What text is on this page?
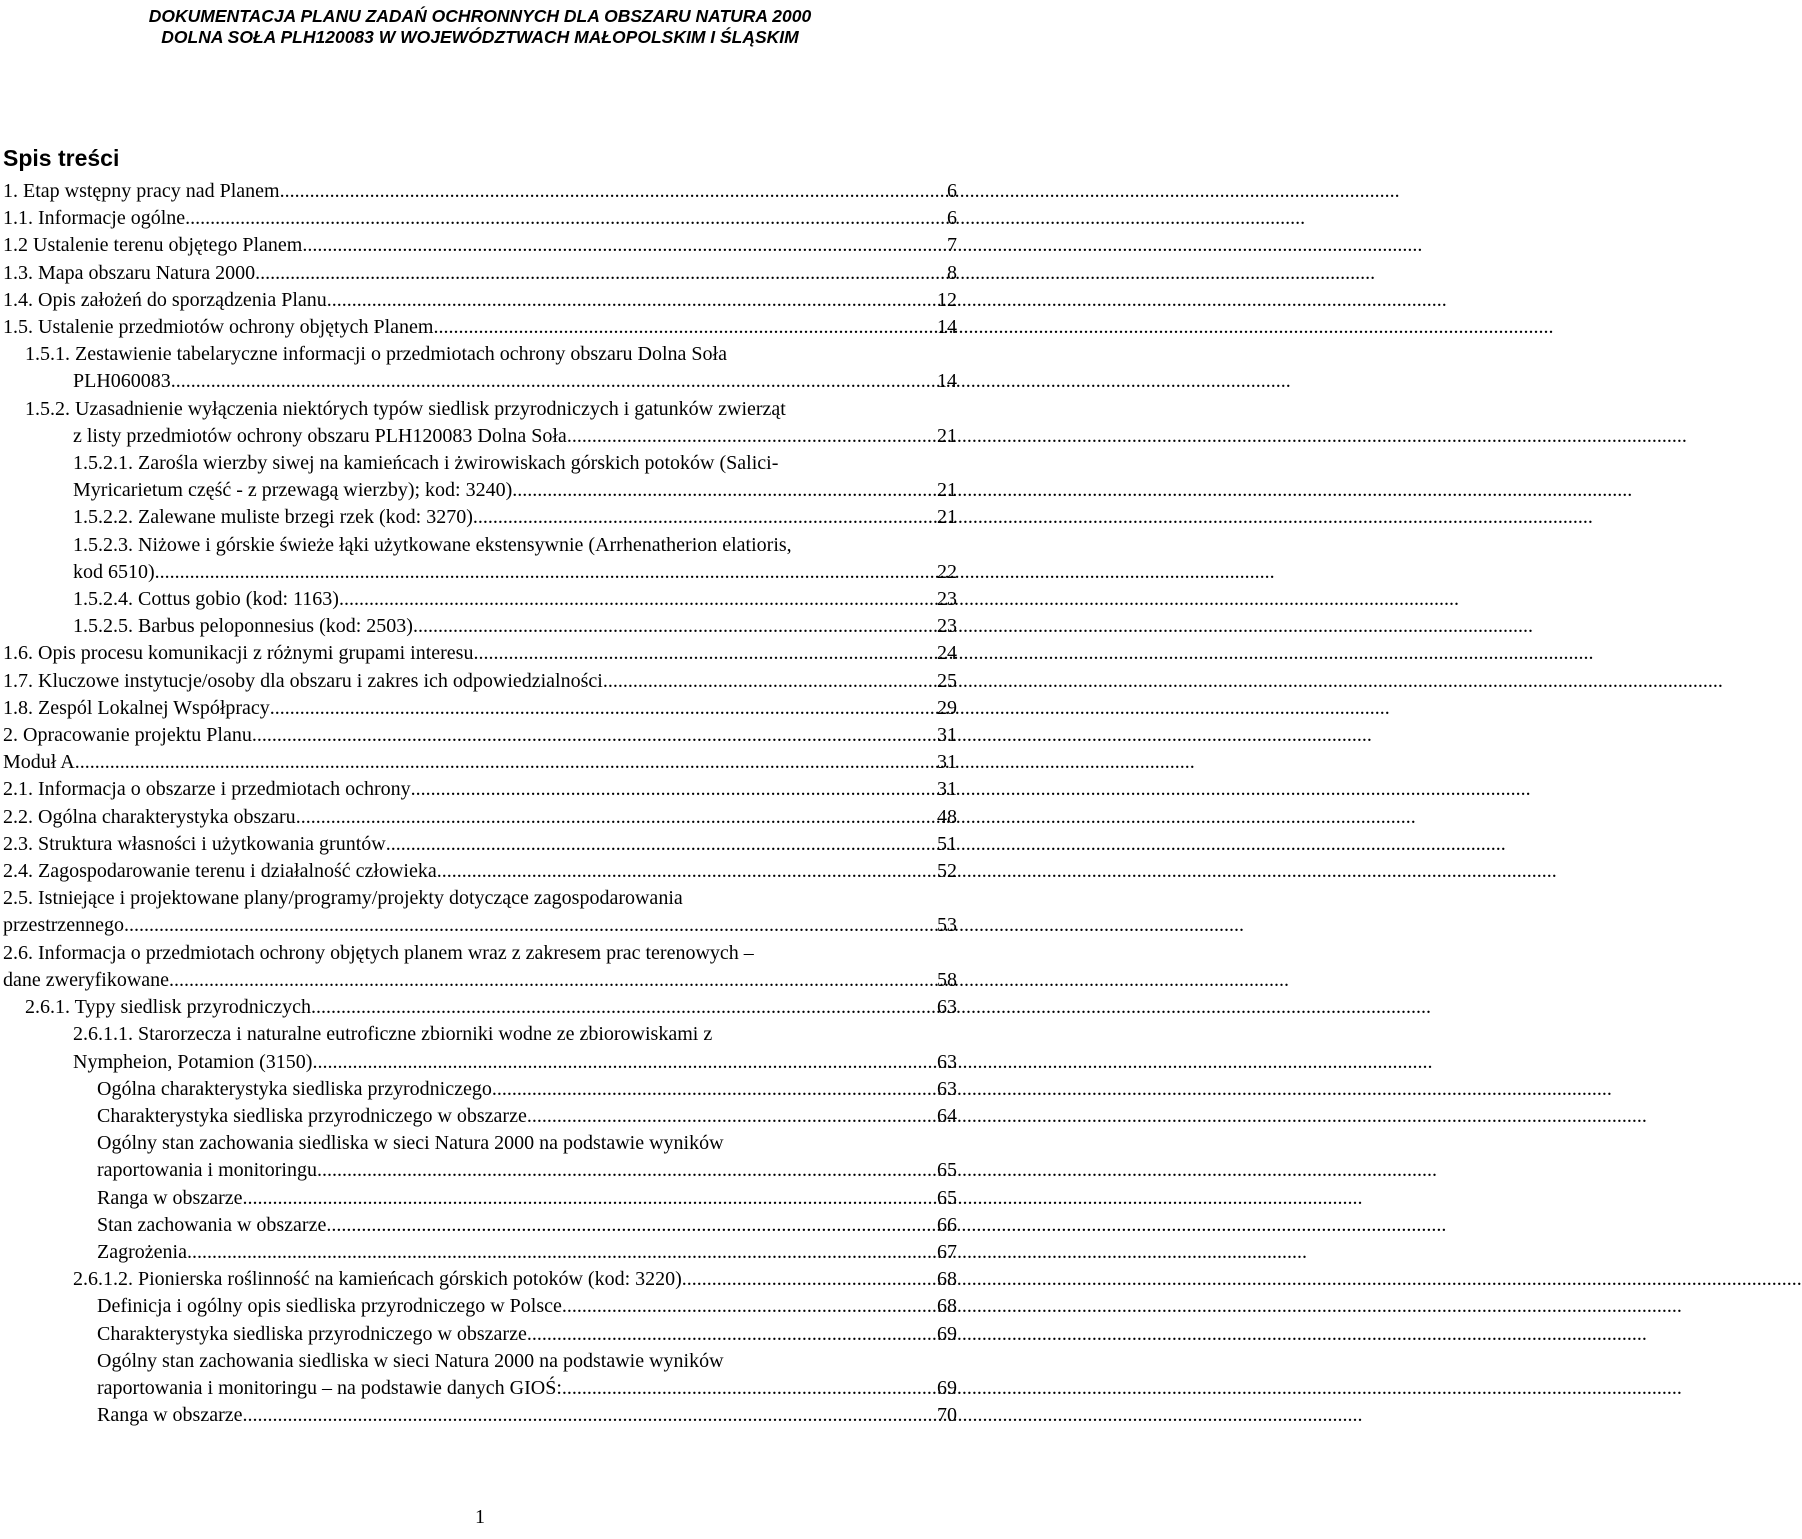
DOKUMENTACJA PLANU ZADAŃ OCHRONNYCH DLA OBSZARU NATURA 2000
DOLNA SOŁA PLH120083 W WOJEWÓDZTWACH MAŁOPOLSKIM I ŚLĄSKIM
Spis treści
1. Etap wstępny pracy nad Planem .....	6
1.1. Informacje ogólne .....	6
1.2 Ustalenie terenu objętego Planem .....	7
1.3. Mapa obszaru Natura 2000 .....	8
1.4. Opis założeń do sporządzenia Planu .....	12
1.5. Ustalenie przedmiotów ochrony objętych Planem .....	14
1.5.1. Zestawienie tabelaryczne informacji o przedmiotach ochrony obszaru Dolna Soła
PLH060083 .....	14
1.5.2. Uzasadnienie wyłączenia niektórych typów siedlisk przyrodniczych i gatunków zwierząt
z listy przedmiotów ochrony obszaru PLH120083 Dolna Soła .....	21
1.5.2.1. Zarośla wierzby siwej na kamieńcach i żwirowiskach górskich potoków (Salici-
Myricarietum część - z przewagą wierzby); kod: 3240) .....	21
1.5.2.2. Zalewane muliste brzegi rzek (kod: 3270) .....	21
1.5.2.3. Niżowe i górskie świeże łąki użytkowane ekstensywnie (Arrhenatherion elatioris,
kod 6510) .....	22
1.5.2.4. Cottus gobio (kod: 1163) .....	23
1.5.2.5. Barbus peloponnesius (kod: 2503) .....	23
1.6. Opis procesu komunikacji z różnymi grupami interesu .....	24
1.7. Kluczowe instytucje/osoby dla obszaru i zakres ich odpowiedzialności .....	25
1.8. Zespól Lokalnej Współpracy .....	29
2. Opracowanie projektu Planu .....	31
Moduł A .....	31
2.1. Informacja o obszarze i przedmiotach ochrony .....	31
2.2. Ogólna charakterystyka obszaru .....	48
2.3. Struktura własności i użytkowania gruntów .....	51
2.4. Zagospodarowanie terenu i działalność człowieka .....	52
2.5. Istniejące i projektowane plany/programy/projekty dotyczące zagospodarowania
przestrzennego .....	53
2.6. Informacja o przedmiotach ochrony objętych planem wraz z zakresem prac terenowych –
dane zweryfikowane .....	58
2.6.1. Typy siedlisk przyrodniczych .....	63
2.6.1.1. Starorzecza i naturalne eutroficzne zbiorniki wodne ze zbiorowiskami z
Nympheion, Potamion (3150) .....	63
Ogólna charakterystyka siedliska przyrodniczego .....	63
Charakterystyka siedliska przyrodniczego w obszarze .....	64
Ogólny stan zachowania siedliska w sieci Natura 2000 na podstawie wyników
raportowania i monitoringu .....	65
Ranga w obszarze .....	65
Stan zachowania w obszarze .....	66
Zagrożenia .....	67
2.6.1.2. Pionierska roślinność na kamieńcach górskich potoków (kod: 3220) .....	68
Definicja i ogólny opis siedliska przyrodniczego w Polsce .....	68
Charakterystyka siedliska przyrodniczego w obszarze .....	69
Ogólny stan zachowania siedliska w sieci Natura 2000 na podstawie wyników
raportowania i monitoringu – na podstawie danych GIOŚ: .....	69
Ranga w obszarze .....	70
1
